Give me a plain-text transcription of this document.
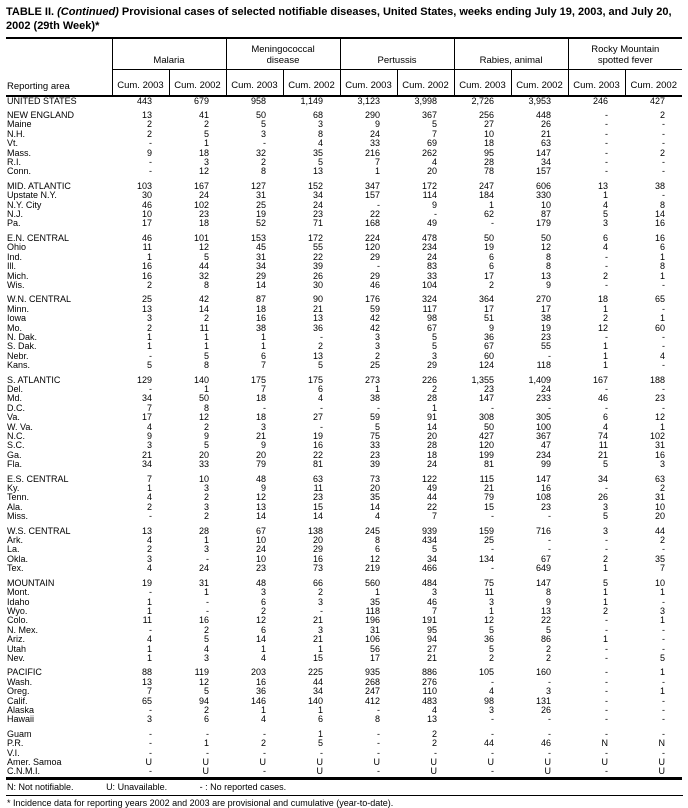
TABLE II. (Continued) Provisional cases of selected notifiable diseases, United States, weeks ending July 19, 2003, and July 20, 2002 (29th Week)*
Reporting area	Malaria		Meningococcal disease		Pertussis		Rabies, animal		Rocky Mountain spotted fever	
	Cum. 2003	Cum. 2002	Cum. 2003	Cum. 2002	Cum. 2003	Cum. 2002	Cum. 2003	Cum. 2002	Cum. 2003	Cum. 2002
UNITED STATES	443	679	958	1,149	3,123	3,998	2,726	3,953	246	427

NEW ENGLAND	13	41	50	68	290	367	256	448	-	2
Maine	2	2	5	3	9	5	27	26	-	-
N.H.	2	5	3	8	24	7	10	21	-	-
Vt.	-	1	-	4	33	69	18	63	-	-
Mass.	9	18	32	35	216	262	95	147	-	2
R.I.	-	3	2	5	7	4	28	34	-	-
Conn.	-	12	8	13	1	20	78	157	-	-

MID. ATLANTIC	103	167	127	152	347	172	247	606	13	38
Upstate N.Y.	30	24	31	34	157	114	184	330	1	-
N.Y. City	46	102	25	24	-	9	1	10	4	8
N.J.	10	23	19	23	22	-	62	87	5	14
Pa.	17	18	52	71	168	49	-	179	3	16

E.N. CENTRAL	46	101	153	172	224	478	50	50	6	16
Ohio	11	12	45	55	120	234	19	12	4	6
Ind.	1	5	31	22	29	24	6	8	-	1
Ill.	16	44	34	39	-	83	6	8	-	8
Mich.	16	32	29	26	29	33	17	13	2	1
Wis.	2	8	14	30	46	104	2	9	-	-

W.N. CENTRAL	25	42	87	90	176	324	364	270	18	65
Minn.	13	14	18	21	59	117	17	17	1	-
Iowa	3	2	16	13	42	98	51	38	2	1
Mo.	2	11	38	36	42	67	9	19	12	60
N. Dak.	1	1	1	-	3	5	36	23	-	-
S. Dak.	1	1	1	2	3	5	67	55	1	-
Nebr.	-	5	6	13	2	3	60	-	1	4
Kans.	5	8	7	5	25	29	124	118	1	-

S. ATLANTIC	129	140	175	175	273	226	1,355	1,409	167	188
Del.	-	1	7	6	1	2	23	24	-	-
Md.	34	50	18	4	38	28	147	233	46	23
D.C.	7	8	-	-	-	1	-	-	-	-
Va.	17	12	18	27	59	91	308	305	6	12
W. Va.	4	2	3	-	5	14	50	100	4	1
N.C.	9	9	21	19	75	20	427	367	74	102
S.C.	3	5	9	16	33	28	120	47	11	31
Ga.	21	20	20	22	23	18	199	234	21	16
Fla.	34	33	79	81	39	24	81	99	5	3

E.S. CENTRAL	7	10	48	63	73	122	115	147	34	63
Ky.	1	3	9	11	20	49	21	16	-	2
Tenn.	4	2	12	23	35	44	79	108	26	31
Ala.	2	3	13	15	14	22	15	23	3	10
Miss.	-	2	14	14	4	7	-	-	5	20

W.S. CENTRAL	13	28	67	138	245	939	159	716	3	44
Ark.	4	1	10	20	8	434	25	-	-	2
La.	2	3	24	29	6	5	-	-	-	-
Okla.	3	-	10	16	12	34	134	67	2	35
Tex.	4	24	23	73	219	466	-	649	1	7

MOUNTAIN	19	31	48	66	560	484	75	147	5	10
Mont.	-	1	3	2	1	3	11	8	1	1
Idaho	1	-	6	3	35	46	3	9	1	-
Wyo.	1	-	2	-	118	7	1	13	2	3
Colo.	11	16	12	21	196	191	12	22	-	1
N. Mex.	-	2	6	3	31	95	5	5	-	-
Ariz.	4	5	14	21	106	94	36	86	1	-
Utah	1	4	1	1	56	27	5	2	-	-
Nev.	1	3	4	15	17	21	2	2	-	5

PACIFIC	88	119	203	225	935	886	105	160	-	1
Wash.	13	12	16	44	268	276	-	-	-	-
Oreg.	7	5	36	34	247	110	4	3	-	1
Calif.	65	94	146	140	412	483	98	131	-	-
Alaska	-	2	1	1	-	4	3	26	-	-
Hawaii	3	6	4	6	8	13	-	-	-	-

Guam	-	-	-	1	-	2	-	-	-	-
P.R.	-	1	2	5	-	2	44	46	N	N
V.I.	-	-	-	-	-	-	-	-	-	-
Amer. Samoa	U	U	U	U	U	U	U	U	U	U
C.N.M.I.	-	U	-	U	-	U	-	U	-	U
N: Not notifiable.	U: Unavailable.	- : No reported cases.
* Incidence data for reporting years 2002 and 2003 are provisional and cumulative (year-to-date).
